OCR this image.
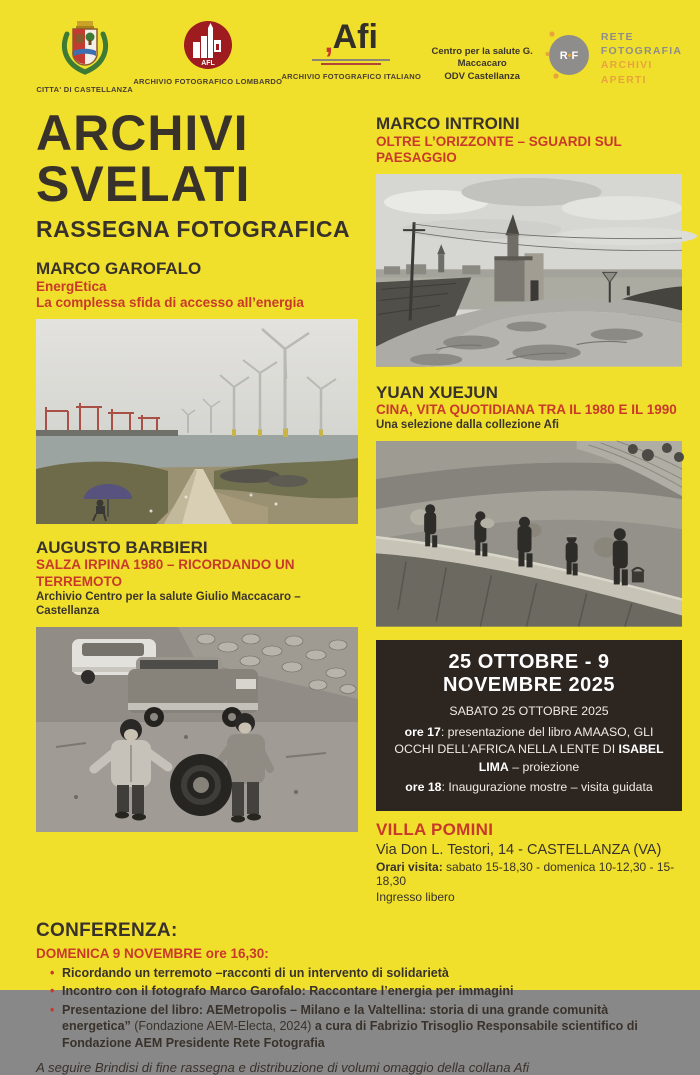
CITTA' DI CASTELLANZA
AFL
ARCHIVIO FOTOGRAFICO LOMBARDO
, Afi
ARCHIVIO FOTOGRAFICO ITALIANO
Centro per la salute G. Maccacaro
ODV Castellanza
R•F
RETE
FOTOGRAFIA
ARCHIVI
APERTI
ARCHIVI
SVELATI
RASSEGNA FOTOGRAFICA
MARCO GAROFALO
EnergEtica
La complessa sfida di accesso all’energia
AUGUSTO BARBIERI
SALZA IRPINA 1980 – RICORDANDO UN TERREMOTO
Archivio Centro per la salute Giulio Maccacaro – Castellanza
MARCO INTROINI
OLTRE L’ORIZZONTE – SGUARDI SUL PAESAGGIO
YUAN XUEJUN
CINA, VITA QUOTIDIANA TRA IL 1980 E IL 1990
Una selezione dalla collezione Afi
25 OTTOBRE - 9 NOVEMBRE 2025

SABATO 25 OTTOBRE 2025

ore 17: presentazione del libro AMAASO, GLI OCCHI DELL’AFRICA NELLA LENTE DI ISABEL LIMA – proiezione

ore 18: Inaugurazione mostre – visita guidata

VILLA POMINI
Via Don L. Testori, 14 - CASTELLANZA (VA)
Orari visita: sabato 15-18,30 - domenica 10-12,30 - 15-18,30
Ingresso libero
CONFERENZA:
DOMENICA 9 NOVEMBRE ore 16,30:
• Ricordando un terremoto –racconti di un intervento di solidarietà
• Incontro con il fotografo Marco Garofalo: Raccontare l’energia per immagini
• Presentazione del libro: AEMetropolis – Milano e la Valtellina: storia di una grande comunità energetica” (Fondazione AEM-Electa, 2024) a cura di Fabrizio Trisoglio Responsabile scientifico di Fondazione AEM Presidente Rete Fotografia
A seguire Brindisi di fine rassegna e distribuzione di volumi omaggio della collana Afi
